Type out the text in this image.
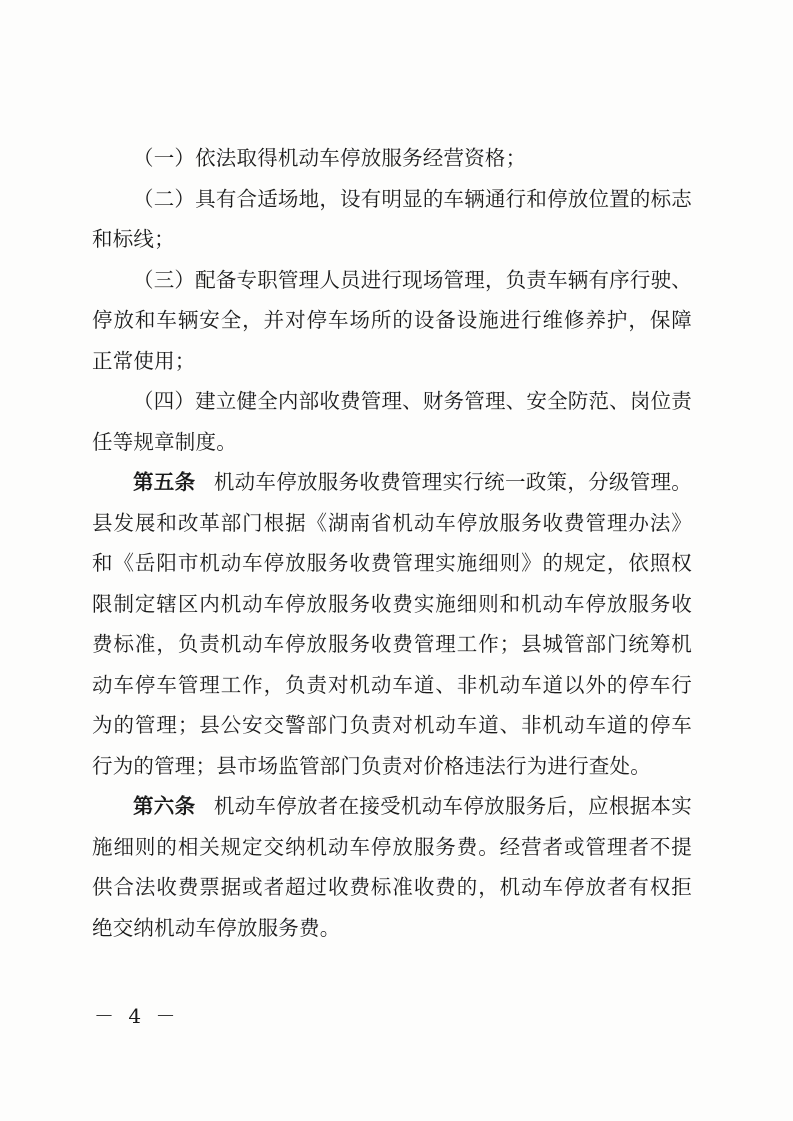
（一）依法取得机动车停放服务经营资格；

（二）具有合适场地，设有明显的车辆通行和停放位置的标志和标线；

（三）配备专职管理人员进行现场管理，负责车辆有序行驶、停放和车辆安全，并对停车场所的设备设施进行维修养护，保障正常使用；

（四）建立健全内部收费管理、财务管理、安全防范、岗位责任等规章制度。

第五条 机动车停放服务收费管理实行统一政策，分级管理。县发展和改革部门根据《湖南省机动车停放服务收费管理办法》和《岳阳市机动车停放服务收费管理实施细则》的规定，依照权限制定辖区内机动车停放服务收费实施细则和机动车停放服务收费标准，负责机动车停放服务收费管理工作；县城管部门统筹机动车停车管理工作，负责对机动车道、非机动车道以外的停车行为的管理；县公安交警部门负责对机动车道、非机动车道的停车行为的管理；县市场监管部门负责对价格违法行为进行查处。

第六条 机动车停放者在接受机动车停放服务后，应根据本实施细则的相关规定交纳机动车停放服务费。经营者或管理者不提供合法收费票据或者超过收费标准收费的，机动车停放者有权拒绝交纳机动车停放服务费。

－ 4 －
